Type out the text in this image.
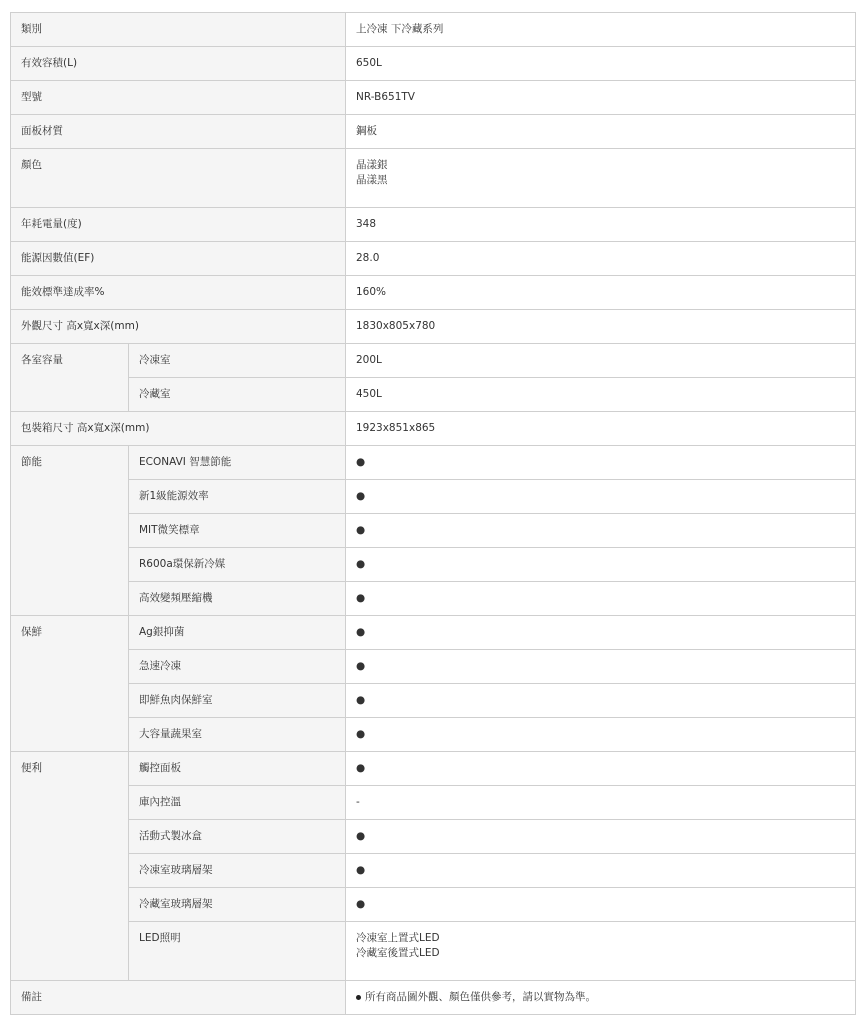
類別		上冷凍 下冷藏系列
有效容積(L)		650L
型號		NR-B651TV
面板材質		鋼板
顏色		晶漾銀
晶漾黑

年耗電量(度)		348
能源因數值(EF)		28.0
能效標準達成率%		160%
外觀尺寸 高x寬x深(mm)		1830x805x780
各室容量	冷凍室	200L
	冷藏室	450L
包裝箱尺寸 高x寬x深(mm)		1923x851x865
節能	ECONAVI 智慧節能	●
	新1級能源效率	●
	MIT微笑標章	●
	R600a環保新冷媒	●
	高效變頻壓縮機	●
保鮮	Ag銀抑菌	●
	急速冷凍	●
	即鮮魚肉保鮮室	●
	大容量蔬果室	●
便利	觸控面板	●
	庫內控溫	-
	活動式製冰盒	●
	冷凍室玻璃層架	●
	冷藏室玻璃層架	●
	LED照明	冷凍室上置式LED
冷藏室後置式LED

備註		所有商品圖外觀、顏色僅供參考，請以實物為準。
